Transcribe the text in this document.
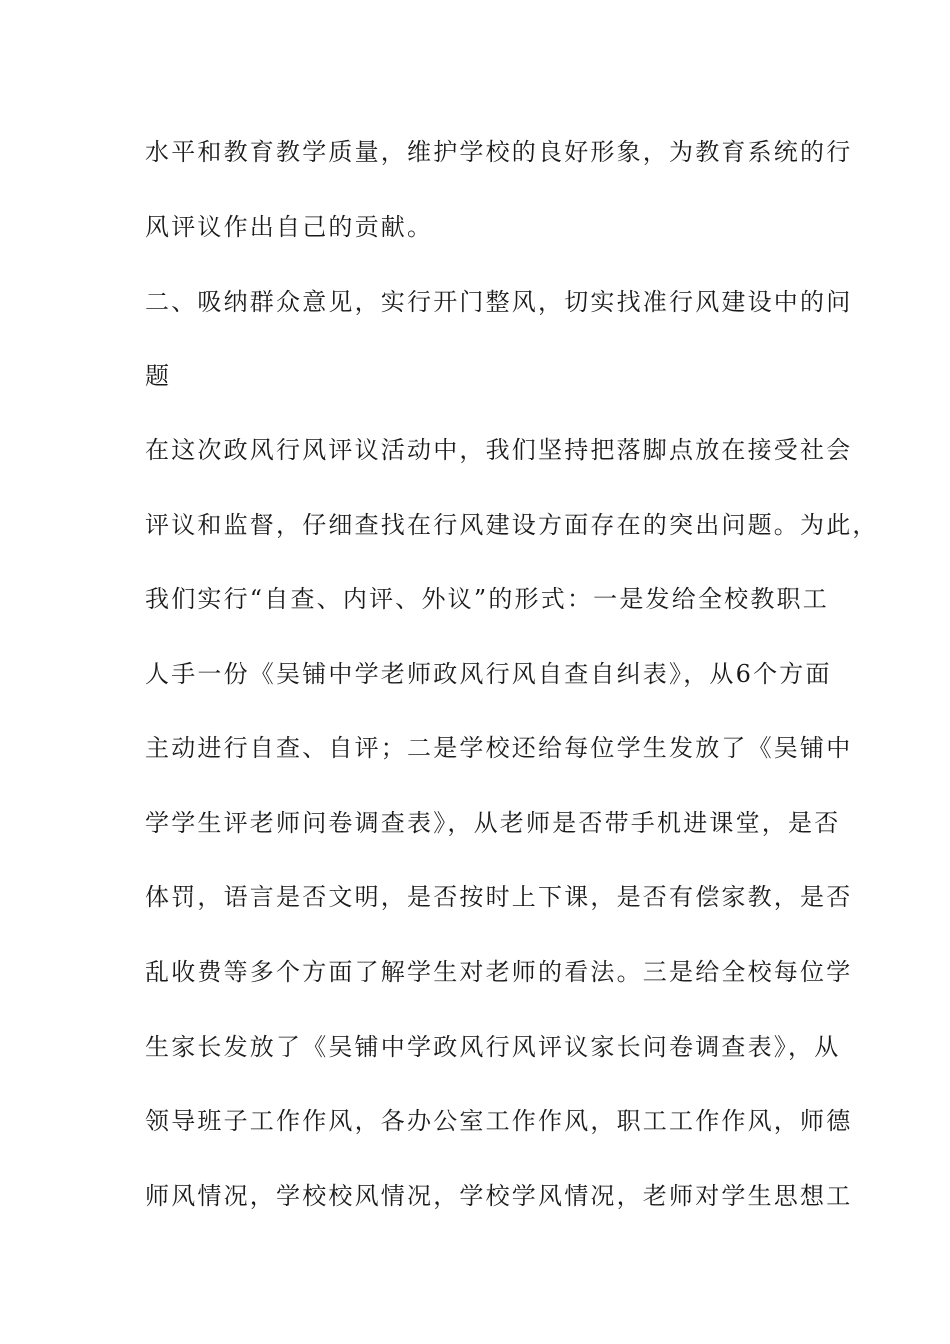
水平和教育教学质量，维护学校的良好形象，为教育系统的行
风评议作出自己的贡献。
二、吸纳群众意见，实行开门整风，切实找准行风建设中的问
题
在这次政风行风评议活动中，我们坚持把落脚点放在接受社会
评议和监督，仔细查找在行风建设方面存在的突出问题。为此，
我们实行“自查、内评、外议”的形式：一是发给全校教职工
人手一份《吴铺中学老师政风行风自查自纠表》，从6个方面
主动进行自查、自评；二是学校还给每位学生发放了《吴铺中
学学生评老师问卷调查表》，从老师是否带手机进课堂，是否
体罚，语言是否文明，是否按时上下课，是否有偿家教，是否
乱收费等多个方面了解学生对老师的看法。三是给全校每位学
生家长发放了《吴铺中学政风行风评议家长问卷调查表》，从
领导班子工作作风，各办公室工作作风，职工工作作风，师德
师风情况，学校校风情况，学校学风情况，老师对学生思想工
